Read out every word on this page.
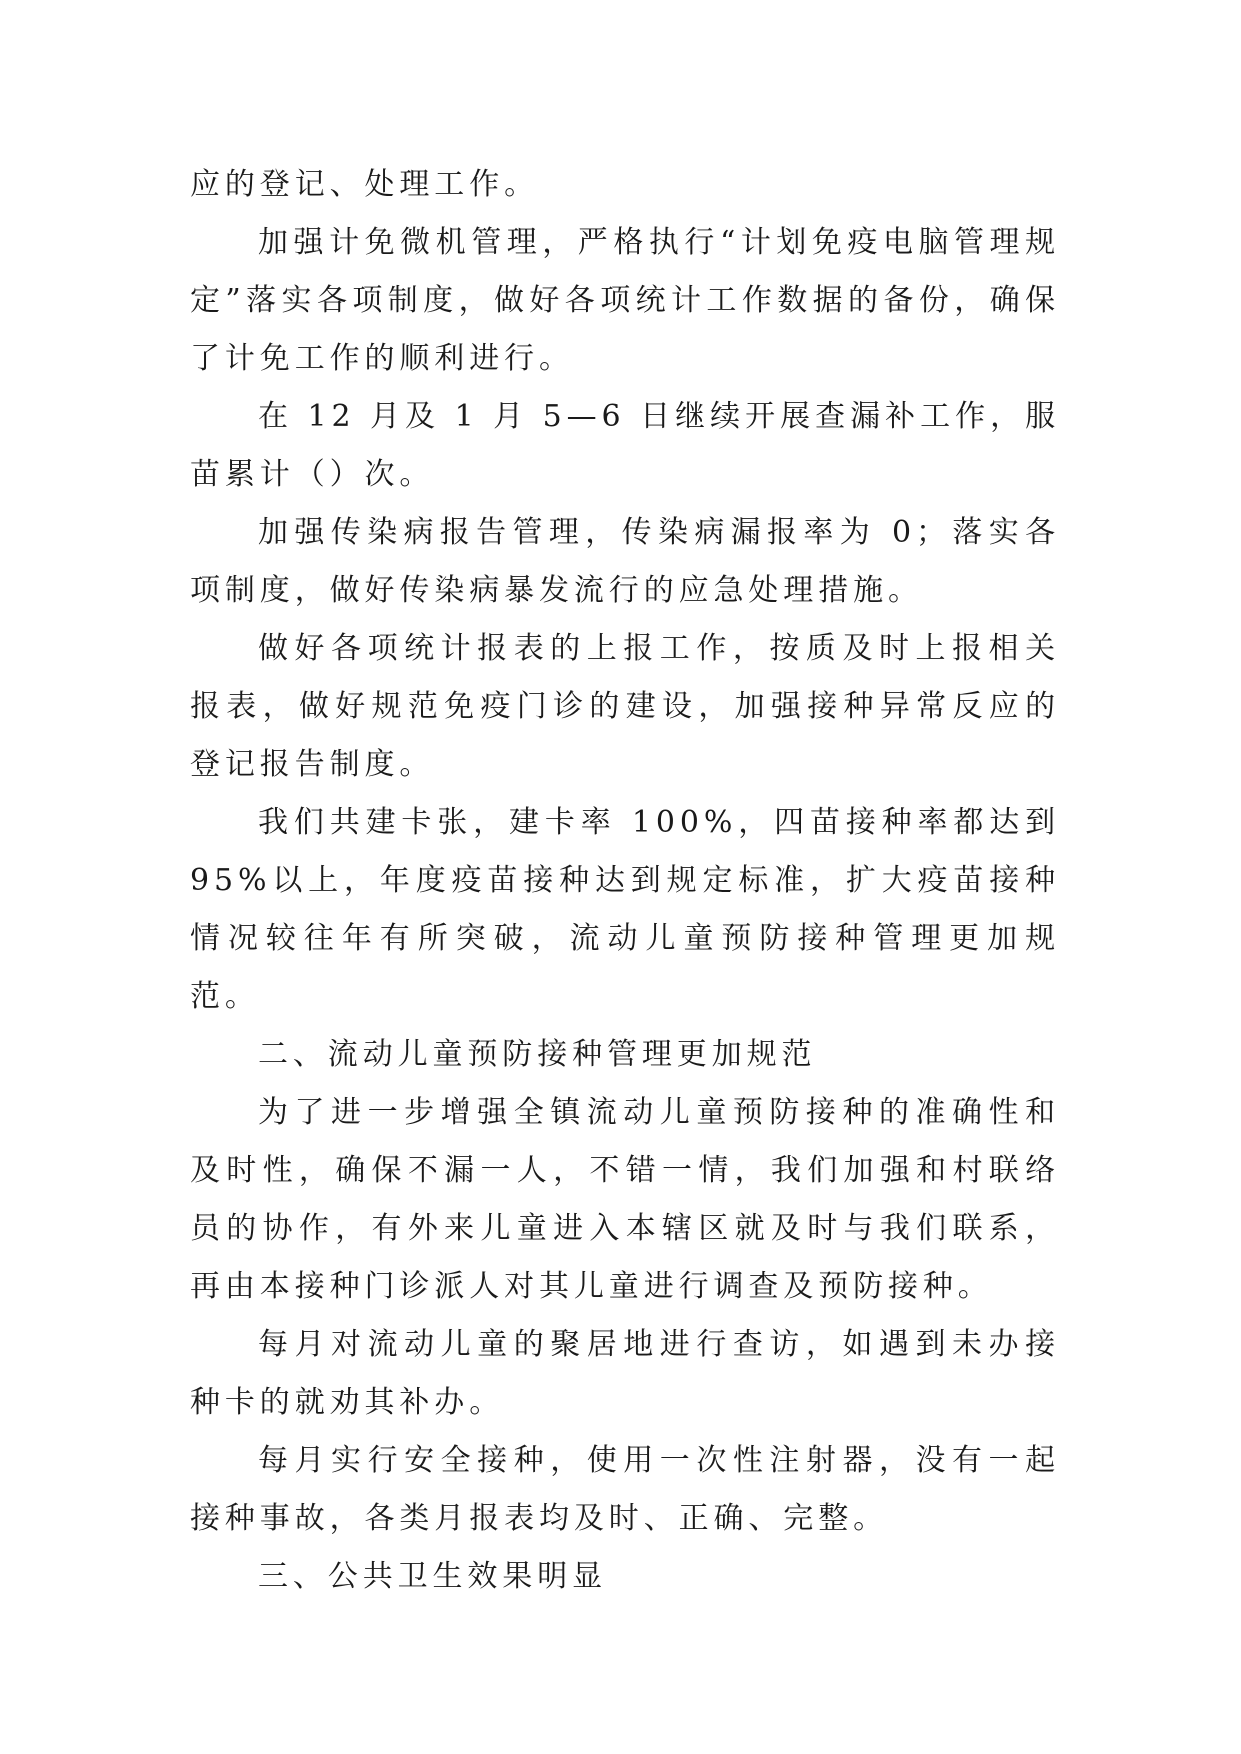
应的登记、处理工作。

加强计免微机管理，严格执行“计划免疫电脑管理规定”落实各项制度，做好各项统计工作数据的备份，确保了计免工作的顺利进行。

在 12 月及 1 月 5—6 日继续开展查漏补工作，服苗累计（）次。

加强传染病报告管理，传染病漏报率为 0；落实各项制度，做好传染病暴发流行的应急处理措施。

做好各项统计报表的上报工作，按质及时上报相关报表，做好规范免疫门诊的建设，加强接种异常反应的登记报告制度。

我们共建卡张，建卡率 100%，四苗接种率都达到 95%以上，年度疫苗接种达到规定标准，扩大疫苗接种情况较往年有所突破，流动儿童预防接种管理更加规范。

二、流动儿童预防接种管理更加规范

为了进一步增强全镇流动儿童预防接种的准确性和及时性，确保不漏一人，不错一情，我们加强和村联络员的协作，有外来儿童进入本辖区就及时与我们联系，再由本接种门诊派人对其儿童进行调查及预防接种。

每月对流动儿童的聚居地进行查访，如遇到未办接种卡的就劝其补办。

每月实行安全接种，使用一次性注射器，没有一起接种事故，各类月报表均及时、正确、完整。

三、公共卫生效果明显
